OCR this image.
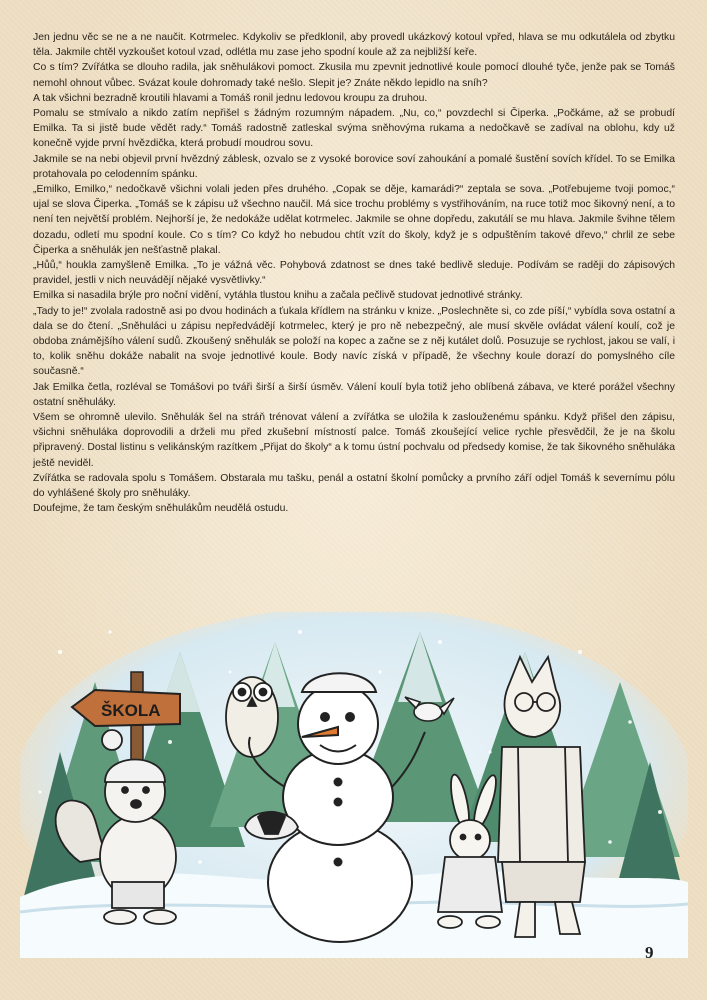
Jen jednu věc se ne a ne naučit. Kotrmelec. Kdykoliv se předklonil, aby provedl ukázkový kotoul vpřed, hlava se mu odkutálela od zbytku těla. Jakmile chtěl vyzkoušet kotoul vzad, odlétla mu zase jeho spodní koule až za nejbližší keře.

Co s tím? Zvířátka se dlouho radila, jak sněhulákovi pomoct. Zkusila mu zpevnit jednotlivé koule pomocí dlouhé tyče, jenže pak se Tomáš nemohl ohnout vůbec. Svázat koule dohromady také nešlo. Slepit je? Znáte někdo lepidlo na sníh?

A tak všichni bezradně kroutili hlavami a Tomáš ronil jednu ledovou kroupu za druhou.

Pomalu se stmívalo a nikdo zatím nepřišel s žádným rozumným nápadem. „Nu, co,“ povzdechl si Čiperka. „Počkáme, až se probudí Emilka. Ta si jistě bude vědět rady.“ Tomáš radostně zatleskal svýma sněhovýma rukama a nedočkavě se zadíval na oblohu, kdy už konečně vyjde první hvězdička, která probudí moudrou sovu.

Jakmile se na nebi objevil první hvězdný záblesk, ozvalo se z vysoké borovice soví zahoukání a pomalé šustění sovích křídel. To se Emilka protahovala po celodenním spánku.

„Emilko, Emilko,“ nedočkavě všichni volali jeden přes druhého. „Copak se děje, kamarádi?“ zeptala se sova. „Potřebujeme tvoji pomoc,“ ujal se slova Čiperka. „Tomáš se k zápisu už všechno naučil. Má sice trochu problémy s vystřihováním, na ruce totiž moc šikovný není, a to není ten největší problém. Nejhorší je, že nedokáže udělat kotrmelec. Jakmile se ohne dopředu, zakutálí se mu hlava. Jakmile švihne tělem dozadu, odletí mu spodní koule. Co s tím? Co když ho nebudou chtít vzít do školy, když je s odpuštěním takové dřevo,“ chrlil ze sebe Čiperka a sněhulák jen nešťastně plakal.

„Hůů,“ houkla zamyšleně Emilka. „To je vážná věc. Pohybová zdatnost se dnes také bedlivě sleduje. Podívám se raději do zápisových pravidel, jestli v nich neuvádějí nějaké vysvětlivky.“

Emilka si nasadila brýle pro noční vidění, vytáhla tlustou knihu a začala pečlivě studovat jednotlivé stránky.

„Tady to je!“ zvolala radostně asi po dvou hodinách a ťukala křídlem na stránku v knize. „Poslechněte si, co zde píší,“ vybídla sova ostatní a dala se do čtení. „Sněhuláci u zápisu nepředvádějí kotrmelec, který je pro ně nebezpečný, ale musí skvěle ovládat válení koulí, což je obdoba známějšího válení sudů. Zkoušený sněhulák se položí na kopec a začne se z něj kutálet dolů. Posuzuje se rychlost, jakou se valí, i to, kolik sněhu dokáže nabalit na svoje jednotlivé koule. Body navíc získá v případě, že všechny koule dorazí do pomyslného cíle současně.“

Jak Emilka četla, rozléval se Tomášovi po tváři širší a širší úsměv. Válení koulí byla totiž jeho oblíbená zábava, ve které porážel všechny ostatní sněhuláky.

Všem se ohromně ulevilo. Sněhulák šel na stráň trénovat válení a zvířátka se uložila k zaslouženému spánku. Když přišel den zápisu, všichni sněhuláka doprovodili a drželi mu před zkušební místností palce. Tomáš zkoušející velice rychle přesvědčil, že je na školu připravený. Dostal listinu s velikánským razítkem „Přijat do školy“ a k tomu ústní pochvalu od předsedy komise, že tak šikovného sněhuláka ještě neviděl.

Zvířátka se radovala spolu s Tomášem. Obstarala mu tašku, penál a ostatní školní pomůcky a prvního září odjel Tomáš k severnímu pólu do vyhlášené školy pro sněhuláky.

Doufejme, že tam českým sněhulákům neudělá ostudu.

ŠKOLA
9
